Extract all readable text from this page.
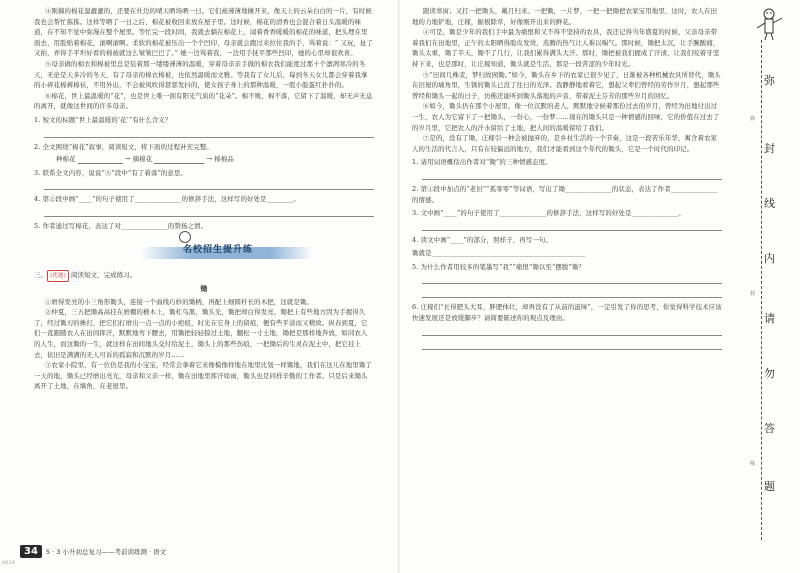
④刚摘的棉花湿漉漉的，还要在灶边的晴天晒场晒一日。它们被薄薄地摊开来，像天上的云朵白白的一片，有时候我也会帮忙拣拣。这样等晒了一日之后，棉花被收回来放在屋子里。这时候，棉花的清香也会混合着日头温暖的味道，在不知不觉中弥漫在整个屋里。等忙完一段时间，我就去躺在棉花上，闻着香香暖暖的棉花的味道，把头埋在里面去，用脸贴着棉花，滚啊滚啊。柔软的棉花被压出一个个凹印，母亲就会跑过来拉住我的手，骂着说：“ 又玩，扯了又拍，弄得手平坦好看的棉被就这么皱皱巴巴了。” 她一边骂着我，一边用手抚平那些凹印，她的心里却很欢喜。

⑤母亲做的棉衣和棉被里总是装着那一缕缕薄薄的温暖，穿着母亲亲手做的棉衣我们能度过那十个凛冽寒冷的冬天，无论是天多冷的冬天，有了母亲的棉衣棉被，也依然温暖而文雅。等我有了女儿后，每到冬天女儿都会穿着我拿的小碎花棉裤棉袄，不用外出，不会被风吹得瑟瑟发抖的，使女孩子身上的那种温暖，一股小脸蛋红扑扑的。

⑥棉花，世上最温暖的“花”，也是世上唯一拥有阳光气质的“花朵”。棉不败，棉不落，它留下了温暖，却无声无息的离开，就像这世间的许多母亲。

1. 短文的标题“世上最温暖的‘花’”有什么含义？

2. 全文围绕“棉花”叙事，阅读短文，将下面的过程补充完整。

种棉花	→ 摘棉花	→ 棉棉品

3. 联系全文内容，说说“⑤”段中“有了着落”的意思。

4. 第②段中画“____”的句子使用了______________的修辞手法，这样写的好处是________。

5. 作者通过写棉花，表达了对______________的赞扬之情。

名校招生提升练

三、 (优题) 阅读短文，完成练习。

锄

①磨得发亮的小三角形锄头，连接一个曲线巧妙的锄柄，再配上细圆杆长的木把，这就是锄。

②仲夏，三五把锄高高挂在磨棚的横木上，锄杠乌黑，锄头光，锄把却白得发亮。锄把上有些地方因为手握得久了，经过锄刃的捶打，把它们打磨出一点一点的小疤痕，时光在它身上的留痕，便有些平淡而又精致。纵春到夏，它们一直跟随农人在田间挥汗，默默地弯下腰去，用锄把轻轻掠过土地，翻松一寸土地，锄把是那样地奔放，如同农人的人生，而这锄的一生，就这样在田间地头交付给泥土，锄头上的那些伤痕，一把锄后的生灵在泥土中，把它挂上去，依旧是满满的无人可诉的孤寂和沉默的岁月……

③农家小院里，有一位仍是我的小宝宝，经常会拿着它来像模像样地在地里比划一样锄地，我们在这儿在地里锄了一天的地，锄头已经磨出亮光，母亲和父亲一样，锄在田地里挥汗如雨，锄头也是同样辛勤的工作者。只是后来锄头离开了土地，在墙角，在老屋里。

34	5 · 3 小升初总复习——考前训练测 · 语文
0024

跟读寒窗；又扛一把锄头，戴月归来。一把锄，一片梦，一把一把锄把农家宝用地里，这时，农人在田地的力地铲地，庄稼，掘根除草，好像刚开出来的鲜花。

④可是，锄是少年的我们手中最为痛恨和又不得不坚持的农具，我还记得当年盛夏的时候，父亲母亲带着我们在田地里，正午的太阳晒得脸皮发烫，蒸腾的热气让人难以喘气。那时候，锄把太沉，让手腕酸痛，锄头太重，锄了半天，锄不了几行，让我们累得满头大汗。那时，锄把被我们握成了汗渍，让我们咬着牙坚持下来，也是那时，让庄稼知道，锄头就是生活，那是一段苦涩的少年时光。

⑤“田间几株麦，梦归故园锄。”如今，锄头在乡下的农家已很少见了，日渐被各种机械农具所替代，锄头在旧屋的墙角里，生锈的锄头已没了往日的光泽。我静静地看着它，想起父辈们曾经的劳作岁月，想起那些曾经和锄头一起的日子，仿佛还能听到锄头落地的声音，带着泥土芬芳的那些岁月的回忆。

⑥如今，锄头仍在那个小屋里，像一位沉默的老人，默默地守候着那份过去的岁月，曾经为田地付出过一生，农人为它留下了一把锄头，一份心，一份梦……现在的锄头只是一种情感的回味，它的价值在过去了的岁月里，它把农人的汗水留给了土地，把人间的温暖留给了我们。

⑦是的，没有了锄，庄稼引一种会被抛弃的，是乡村生活的一个节奏，这是一段苦乐年华，寓含着农家人的生活的代言人，只有在较偏远的地方，我们才能看到这个年代的锄头，它是一个时代的印记。

1. 请用词语概括出作者对“锄”的三种情感态度。

2. 第①段中加点的“老旧”“孤零零”等词语，写出了锄______________的状态，表达了作者______________的情感。

3. 文中画“____”的句子使用了______________的修辞手法，这样写的好处是______________。

4. 读文中画“____”的部分，照样子，再写一句。

锄就是______________________________________________

5. 为什么作者用较多的笔墨写“我”“痛恨”锄以至“摆脱”锄？

6. 庄稼们“长得肥头大耳，胖肥体壮，却再没有了从前的滋味”，一定引发了你的思考，你觉得科学技术应该快速发展还是放缓脚步？请简要陈述你的观点及理由。

弥
封
线
内
请
勿
答
题
弥
封
线
